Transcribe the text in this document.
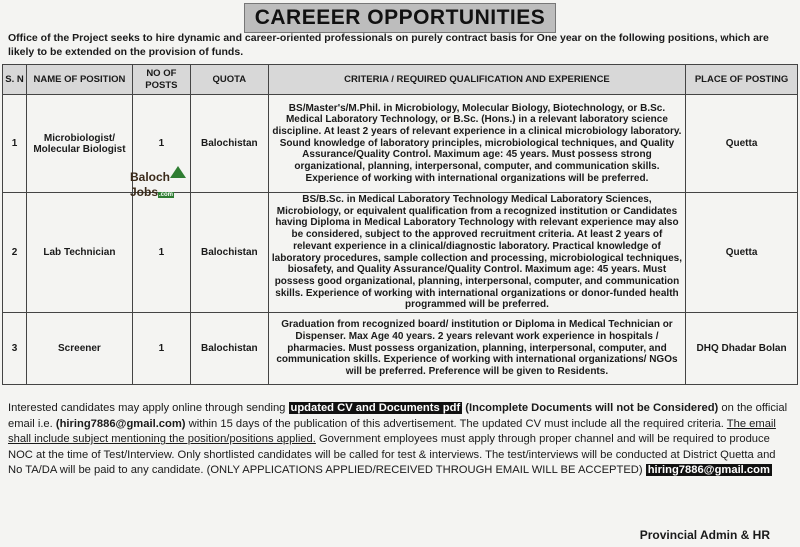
CAREEER OPPORTUNITIES
Office of the Project seeks to hire dynamic and career-oriented professionals on purely contract basis for One year on the following positions, which are likely to be extended on the provision of funds.
S. N	NAME OF POSITION	NO OF POSTS	QUOTA	CRITERIA / REQUIRED QUALIFICATION AND EXPERIENCE	PLACE OF POSTING
1	Microbiologist/ Molecular Biologist	1	Balochistan	BS/Master's/M.Phil. in Microbiology, Molecular Biology, Biotechnology, or B.Sc. Medical Laboratory Technology, or B.Sc. (Hons.) in a relevant laboratory science discipline. At least 2 years of relevant experience in a clinical microbiology laboratory. Sound knowledge of laboratory principles, microbiological techniques, and Quality Assurance/Quality Control. Maximum age: 45 years. Must possess strong organizational, planning, interpersonal, computer, and communication skills. Experience of working with international organizations will be preferred.	Quetta
2	Lab Technician	1	Balochistan	BS/B.Sc. in Medical Laboratory Technology Medical Laboratory Sciences, Microbiology, or equivalent qualification from a recognized institution or Candidates having Diploma in Medical Laboratory Technology with relevant experience may also be considered, subject to the approved recruitment criteria. At least 2 years of relevant experience in a clinical/diagnostic laboratory. Practical knowledge of laboratory procedures, sample collection and processing, microbiological techniques, biosafety, and Quality Assurance/Quality Control. Maximum age: 45 years. Must possess good organizational, planning, interpersonal, computer, and communication skills. Experience of working with international organizations or donor-funded health programmed will be preferred.	Quetta
3	Screener	1	Balochistan	Graduation from recognized board/ institution or Diploma in Medical Technician or Dispenser. Max Age 40 years. 2 years relevant work experience in hospitals / pharmacies. Must possess organization, planning, interpersonal, computer, and communication skills. Experience of working with international organizations/ NGOs will be preferred. Preference will be given to Residents.	DHQ Dhadar Bolan
Baloch
Jobs.com
Interested candidates may apply online through sending updated CV and Documents pdf (Incomplete Documents will not be Considered) on the official email i.e. (hiring7886@gmail.com) within 15 days of the publication of this advertisement. The updated CV must include all the required criteria. The email shall include subject mentioning the position/positions applied. Government employees must apply through proper channel and will be required to produce NOC at the time of Test/Interview. Only shortlisted candidates will be called for test & interviews. The test/interviews will be conducted at District Quetta and No TA/DA will be paid to any candidate. (ONLY APPLICATIONS APPLIED/RECEIVED THROUGH EMAIL WILL BE ACCEPTED) hiring7886@gmail.com
Provincial Admin & HR
